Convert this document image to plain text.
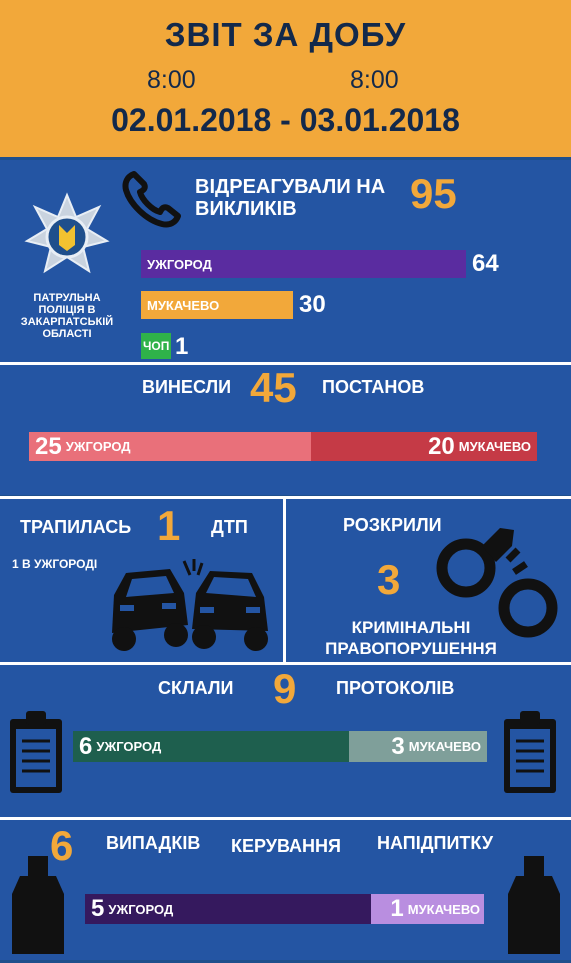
ЗВІТ ЗА ДОБУ
8:00	8:00
02.01.2018 - 03.01.2018
ВІДРЕАГУВАЛИ НА
ВИКЛИКІВ	95
ПАТРУЛЬНА
ПОЛІЦІЯ В
ЗАКАРПАТСЬКІЙ
ОБЛАСТІ
УЖГОРОД	64
МУКАЧЕВО	30
ЧОП 1
ВИНЕСЛИ 45 ПОСТАНОВ
25 УЖГОРОД	20 МУКАЧЕВО
ТРАПИЛАСЬ 1 ДТП
1 В УЖГОРОДІ
РОЗКРИЛИ
3
КРИМІНАЛЬНІ
ПРАВОПОРУШЕННЯ
СКЛАЛИ 9 ПРОТОКОЛІВ
6 УЖГОРОД	3 МУКАЧЕВО
6 ВИПАДКІВ КЕРУВАННЯ НАПІДПИТКУ
5 УЖГОРОД	1 МУКАЧЕВО
